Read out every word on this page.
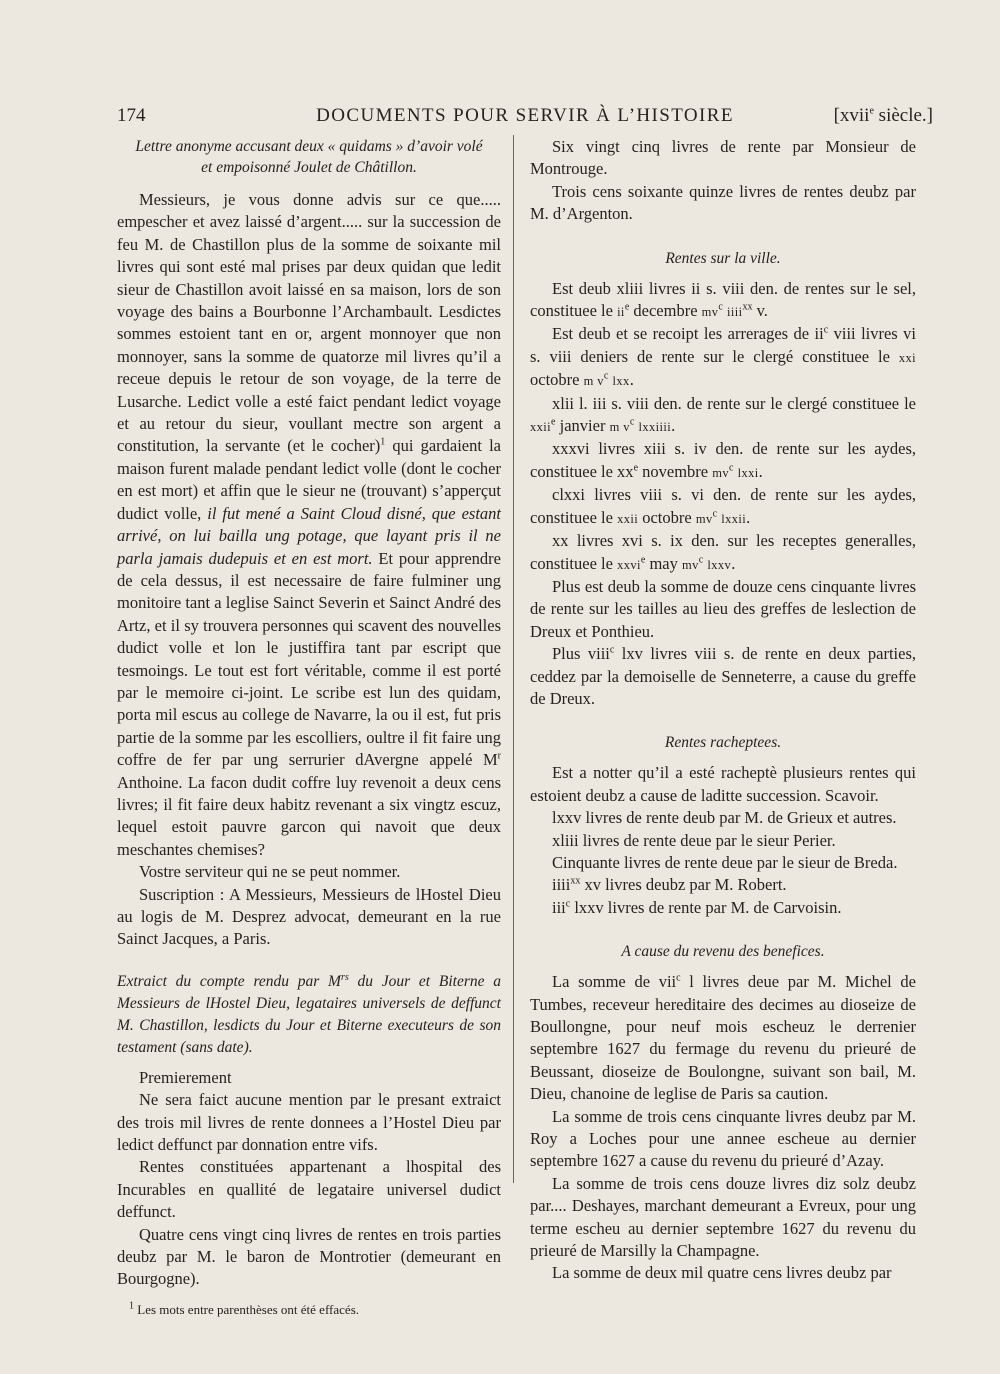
174	DOCUMENTS POUR SERVIR À L’HISTOIRE	[xvii$^e$ siècle.]

Lettre anonyme accusant deux « quidams » d’avoir volé et empoisonné Joulet de Châtillon.

Messieurs, je vous donne advis sur ce que..... empescher et avez laissé d’argent..... sur la succession de feu M. de Chastillon plus de la somme de soixante mil livres qui sont esté mal prises par deux quidan que ledit sieur de Chastillon avoit laissé en sa maison, lors de son voyage des bains a Bourbonne l’Archambault. Lesdictes sommes estoient tant en or, argent monnoyer que non monnoyer, sans la somme de quatorze mil livres qu’il a receue depuis le retour de son voyage, de la terre de Lusarche. Ledict volle a esté faict pendant ledict voyage et au retour du sieur, voullant mectre son argent a constitution, la servante (et le cocher)$^1$ qui gardaient la maison furent malade pendant ledict volle (dont le cocher en est mort) et affin que le sieur ne (trouvant) s’apperçut dudict volle, il fut mené a Saint Cloud disné, que estant arrivé, on lui bailla ung potage, que layant pris il ne parla jamais dudepuis et en est mort. Et pour apprendre de cela dessus, il est necessaire de faire fulminer ung monitoire tant a leglise Sainct Severin et Sainct André des Artz, et il sy trouvera personnes qui scavent des nouvelles dudict volle et lon le justiffira tant par escript que tesmoings. Le tout est fort véritable, comme il est porté par le memoire ci-joint. Le scribe est lun des quidam, porta mil escus au college de Navarre, la ou il est, fut pris partie de la somme par les escolliers, oultre il fit faire ung coffre de fer par ung serrurier dAvergne appelé $M^r$ Anthoine. La facon dudit coffre luy revenoit a deux cens livres; il fit faire deux habitz revenant a six vingtz escuz, lequel estoit pauvre garcon qui navoit que deux meschantes chemises?

Vostre serviteur qui ne se peut nommer.

Suscription : A Messieurs, Messieurs de lHostel Dieu au logis de M. Desprez advocat, demeurant en la rue Sainct Jacques, a Paris.

Extraict du compte rendu par $M^{rs}$ du Jour et Biterne a Messieurs de lHostel Dieu, legataires universels de deffunct M. Chastillon, lesdicts du Jour et Biterne executeurs de son testament (sans date).

Premierement

Ne sera faict aucune mention par le presant extraict des trois mil livres de rente donnees a l’Hostel Dieu par ledict deffunct par donnation entre vifs.

Rentes constituées appartenant a lhospital des Incurables en quallité de legataire universel dudict deffunct.

Quatre cens vingt cinq livres de rentes en trois parties deubz par M. le baron de Montrotier (demeurant en Bourgogne).

$^1$ Les mots entre parenthèses ont été effacés.

Six vingt cinq livres de rente par Monsieur de Montrouge.

Trois cens soixante quinze livres de rentes deubz par M. d’Argenton.

Rentes sur la ville.

Est deub xliii livres ii s. viii den. de rentes sur le sel, constituee le $ii^e$ decembre $mv^c$ iiii$^{xx}$ v.

Est deub et se recoipt les arrerages de $ii^c$ viii livres vi s. viii deniers de rente sur le clergé constituee le xxi octobre m $v^c$ lxx.

xlii l. iii s. viii den. de rente sur le clergé constituee le xxii$^e$ janvier m $v^c$ lxxiiii.

xxxvi livres xiii s. iv den. de rente sur les aydes, constituee le $xx^e$ novembre $mv^c$ lxxi.

clxxi livres viii s. vi den. de rente sur les aydes, constituee le xxii octobre $mv^c$ lxxii.

xx livres xvi s. ix den. sur les receptes generalles, constituee le xxvi$^e$ may $mv^c$ lxxv.

Plus est deub la somme de douze cens cinquante livres de rente sur les tailles au lieu des greffes de leslection de Dreux et Ponthieu.

Plus viii$^c$ lxv livres viii s. de rente en deux parties, ceddez par la demoiselle de Senneterre, a cause du greffe de Dreux.

Rentes racheptees.

Est a notter qu’il a esté racheptè plusieurs rentes qui estoient deubz a cause de laditte succession. Scavoir.

lxxv livres de rente deub par M. de Grieux et autres.

xliii livres de rente deue par le sieur Perier.

Cinquante livres de rente deue par le sieur de Breda.

iiii$^{xx}$ xv livres deubz par M. Robert.

iii$^c$ lxxv livres de rente par M. de Carvoisin.

A cause du revenu des benefices.

La somme de vii$^c$ l livres deue par M. Michel de Tumbes, receveur hereditaire des decimes au dioseize de Boullongne, pour neuf mois escheuz le derrenier septembre 1627 du fermage du revenu du prieuré de Beussant, dioseize de Boulongne, suivant son bail, M. Dieu, chanoine de leglise de Paris sa caution.

La somme de trois cens cinquante livres deubz par M. Roy a Loches pour une annee escheue au dernier septembre 1627 a cause du revenu du prieuré d’Azay.

La somme de trois cens douze livres diz solz deubz par.... Deshayes, marchant demeurant a Evreux, pour ung terme escheu au dernier septembre 1627 du revenu du prieuré de Marsilly la Champagne.

La somme de deux mil quatre cens livres deubz par
